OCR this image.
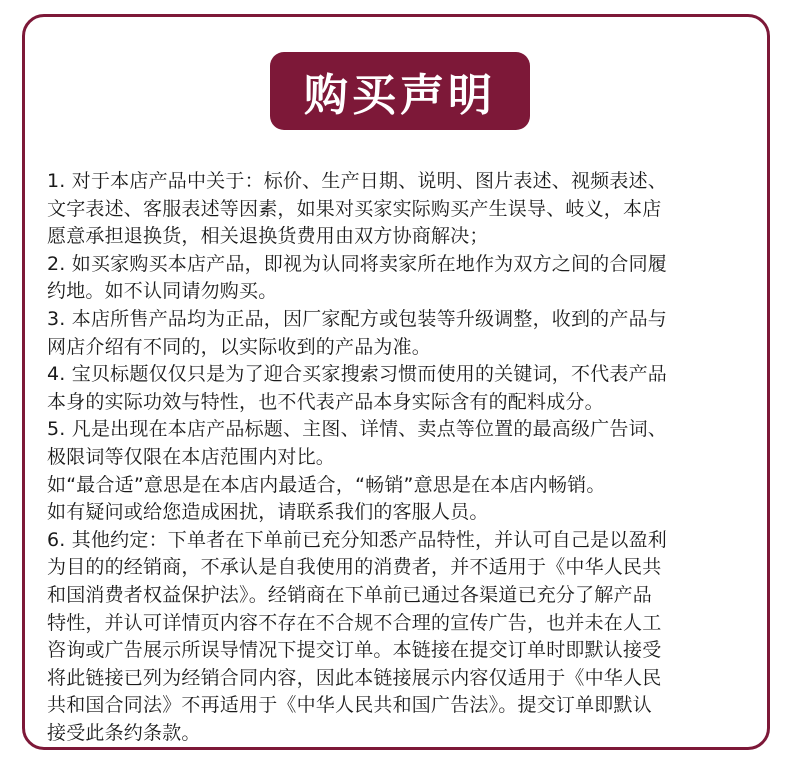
购买声明
1. 对于本店产品中关于：标价、生产日期、说明、图片表述、视频表述、
文字表述、客服表述等因素，如果对买家实际购买产生误导、岐义，本店
愿意承担退换货，相关退换货费用由双方协商解决；
2. 如买家购买本店产品，即视为认同将卖家所在地作为双方之间的合同履
约地。如不认同请勿购买。
3. 本店所售产品均为正品，因厂家配方或包装等升级调整，收到的产品与
网店介绍有不同的，以实际收到的产品为准。
4. 宝贝标题仅仅只是为了迎合买家搜索习惯而使用的关键词，不代表产品
本身的实际功效与特性，也不代表产品本身实际含有的配料成分。
5. 凡是出现在本店产品标题、主图、详情、卖点等位置的最高级广告词、
极限词等仅限在本店范围内对比。
如“最合适”意思是在本店内最适合，“畅销”意思是在本店内畅销。
如有疑问或给您造成困扰，请联系我们的客服人员。
6. 其他约定：下单者在下单前已充分知悉产品特性，并认可自己是以盈利
为目的的经销商，不承认是自我使用的消费者，并不适用于《中华人民共
和国消费者权益保护法》。经销商在下单前已通过各渠道已充分了解产品
特性，并认可详情页内容不存在不合规不合理的宣传广告，也并未在人工
咨询或广告展示所误导情况下提交订单。本链接在提交订单时即默认接受
将此链接已列为经销合同内容，因此本链接展示内容仅适用于《中华人民
共和国合同法》不再适用于《中华人民共和国广告法》。提交订单即默认
接受此条约条款。
